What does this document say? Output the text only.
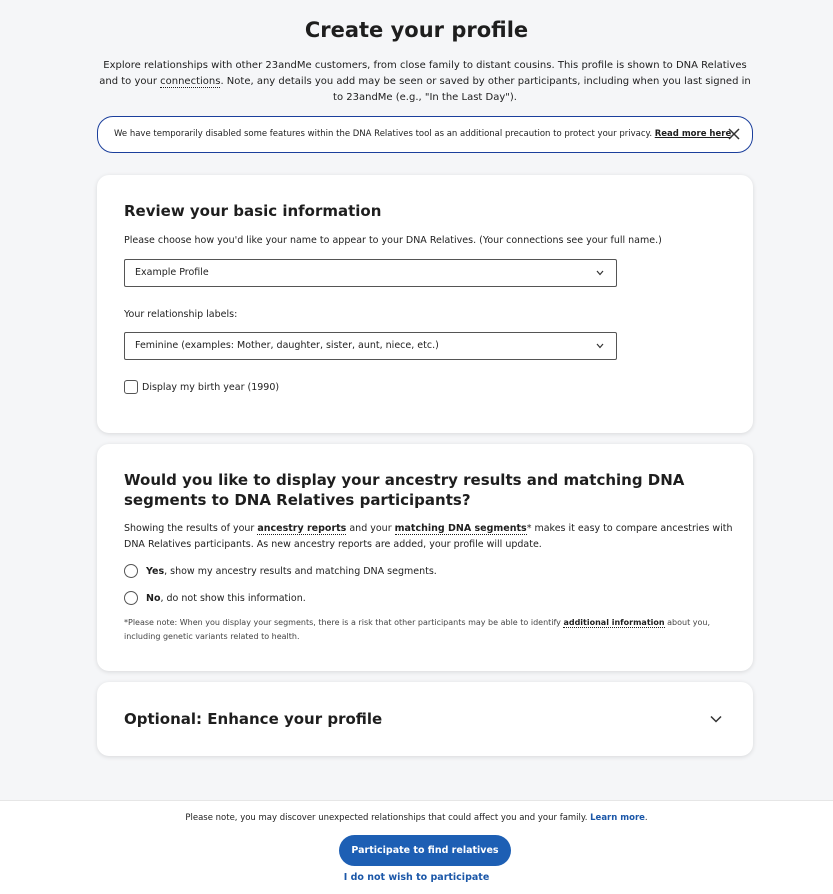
Create your profile
Explore relationships with other 23andMe customers, from close family to distant cousins. This profile is shown to DNA Relatives and to your connections. Note, any details you add may be seen or saved by other participants, including when you last signed in to 23andMe (e.g., "In the Last Day").
We have temporarily disabled some features within the DNA Relatives tool as an additional precaution to protect your privacy. Read more here.
Review your basic information
Please choose how you'd like your name to appear to your DNA Relatives. (Your connections see your full name.)
Example Profile
Your relationship labels:
Feminine (examples: Mother, daughter, sister, aunt, niece, etc.)
Display my birth year (1990)
Would you like to display your ancestry results and matching DNA segments to DNA Relatives participants?
Showing the results of your ancestry reports and your matching DNA segments* makes it easy to compare ancestries with DNA Relatives participants. As new ancestry reports are added, your profile will update.
Yes , show my ancestry results and matching DNA segments.
No , do not show this information.
*Please note: When you display your segments, there is a risk that other participants may be able to identify additional information about you, including genetic variants related to health.
Optional: Enhance your profile
Please note, you may discover unexpected relationships that could affect you and your family. Learn more.
Participate to find relatives
I do not wish to participate
